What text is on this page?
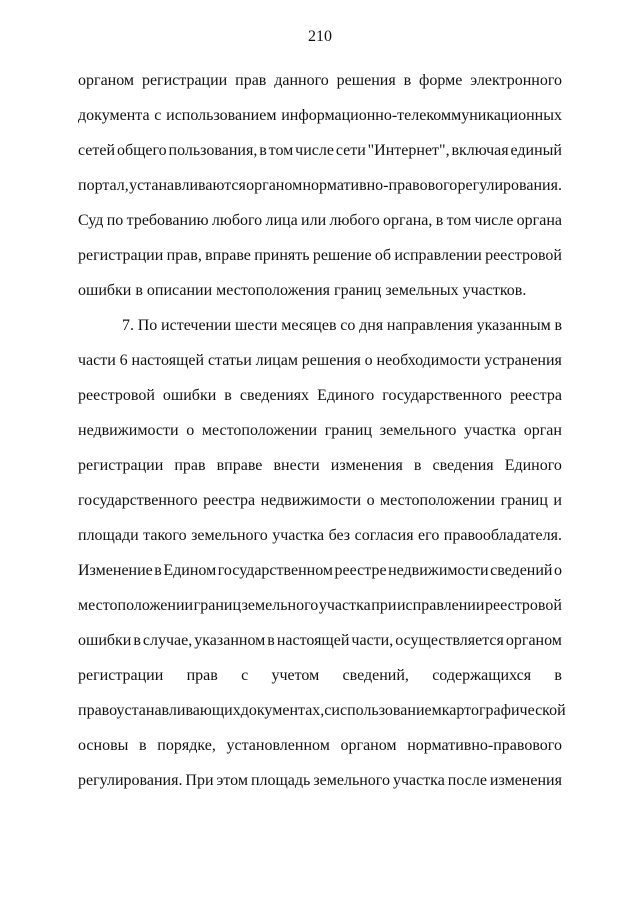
210
органом регистрации прав данного решения в форме электронного
документа с использованием информационно-телекоммуникационных
сетей общего пользования, в том числе сети "Интернет", включая единый
портал, устанавливаются органом нормативно-правового регулирования.
Суд по требованию любого лица или любого органа, в том числе органа
регистрации прав, вправе принять решение об исправлении реестровой
ошибки в описании местоположения границ земельных участков.
7. По истечении шести месяцев со дня направления указанным в
части 6 настоящей статьи лицам решения о необходимости устранения
реестровой ошибки в сведениях Единого государственного реестра
недвижимости о местоположении границ земельного участка орган
регистрации прав вправе внести изменения в сведения Единого
государственного реестра недвижимости о местоположении границ и
площади такого земельного участка без согласия его правообладателя.
Изменение в Едином государственном реестре недвижимости сведений о
местоположении границ земельного участка при исправлении реестровой
ошибки в случае, указанном в настоящей части, осуществляется органом
регистрации прав с учетом сведений, содержащихся в
правоустанавливающих документах, с использованием картографической
основы в порядке, установленном органом нормативно-правового
регулирования. При этом площадь земельного участка после изменения
